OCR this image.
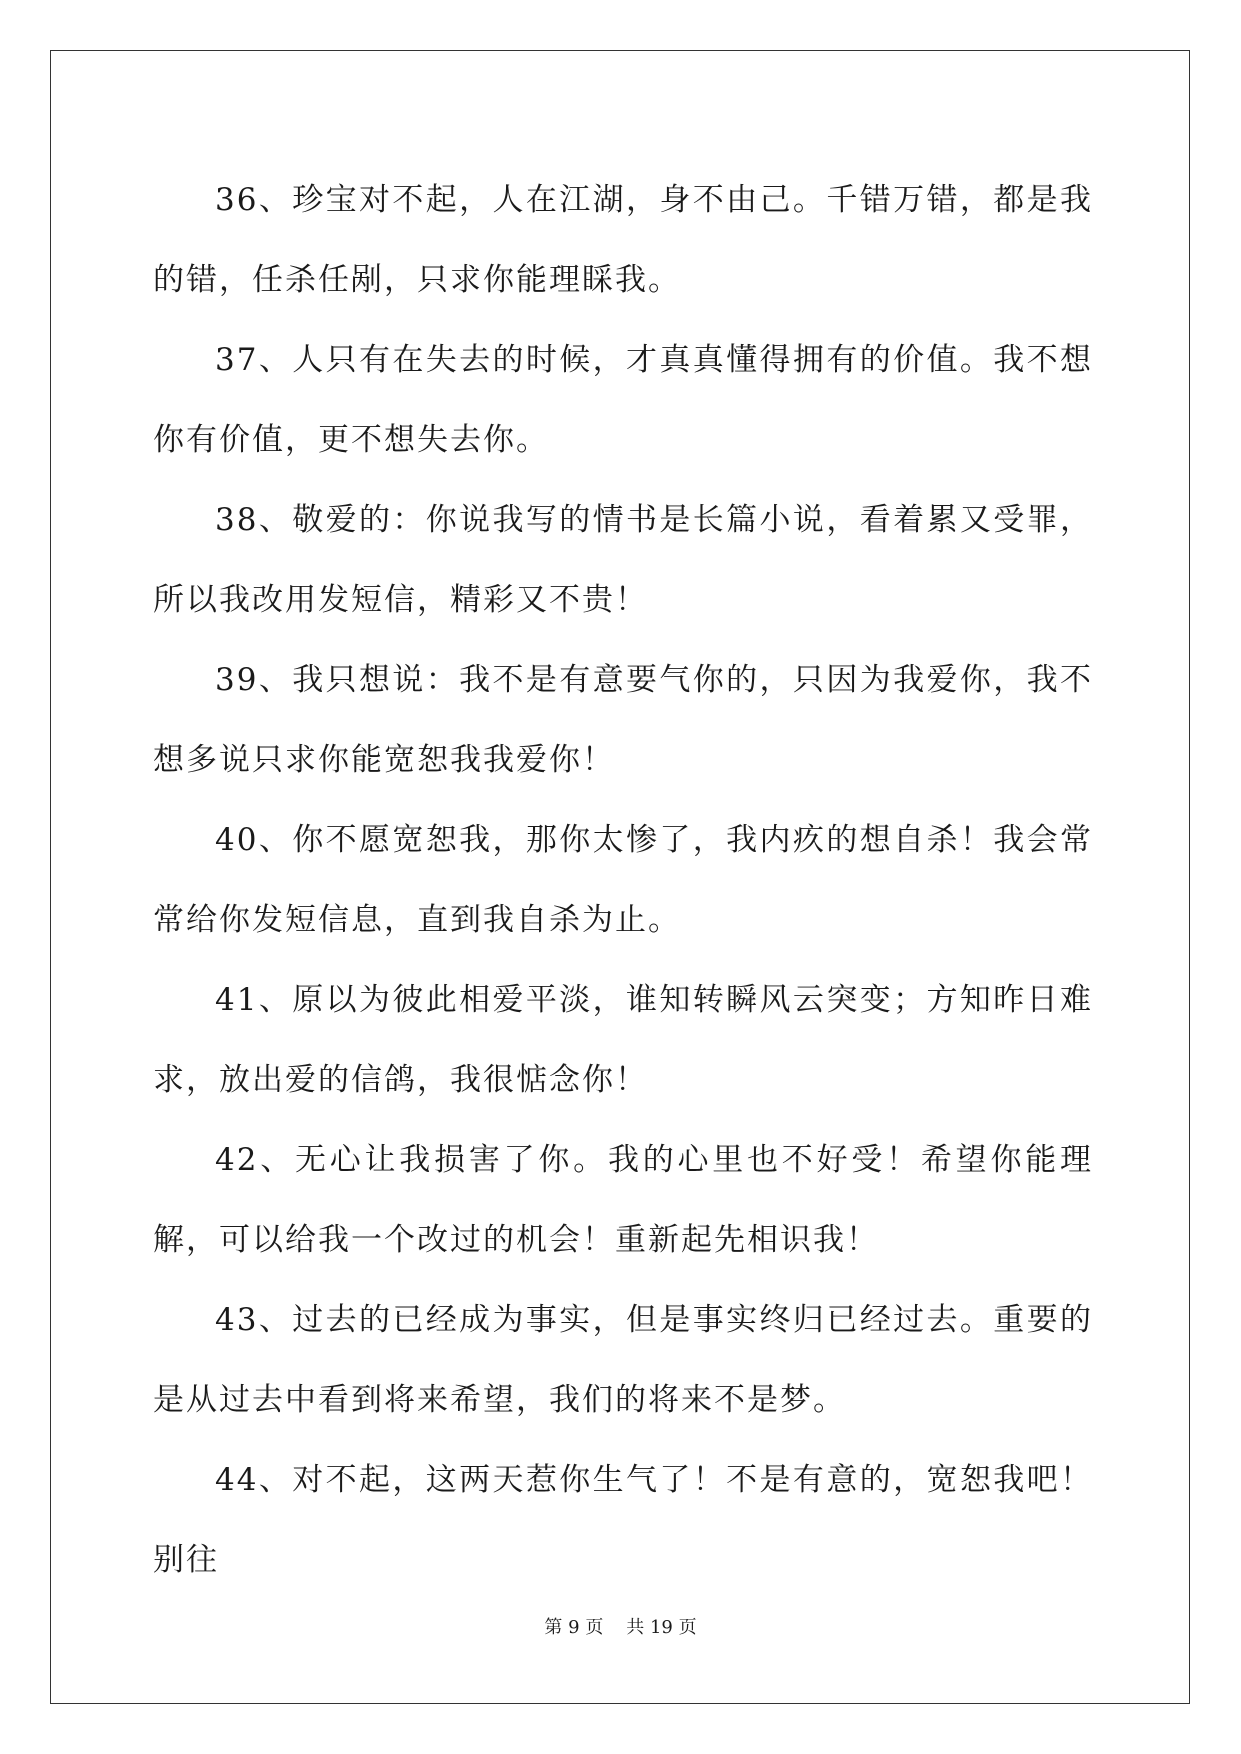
36、珍宝对不起，人在江湖，身不由己。千错万错，都是我的错，任杀任剐，只求你能理睬我。

37、人只有在失去的时候，才真真懂得拥有的价值。我不想你有价值，更不想失去你。

38、敬爱的：你说我写的情书是长篇小说，看着累又受罪，所以我改用发短信，精彩又不贵！

39、我只想说：我不是有意要气你的，只因为我爱你，我不想多说只求你能宽恕我我爱你！

40、你不愿宽恕我，那你太惨了，我内疚的想自杀！我会常常给你发短信息，直到我自杀为止。

41、原以为彼此相爱平淡，谁知转瞬风云突变；方知昨日难求，放出爱的信鸽，我很惦念你！

42、无心让我损害了你。我的心里也不好受！希望你能理解，可以给我一个改过的机会！重新起先相识我！

43、过去的已经成为事实，但是事实终归已经过去。重要的是从过去中看到将来希望，我们的将来不是梦。

44、对不起，这两天惹你生气了！不是有意的，宽恕我吧！别往

第 9 页 共 19 页
